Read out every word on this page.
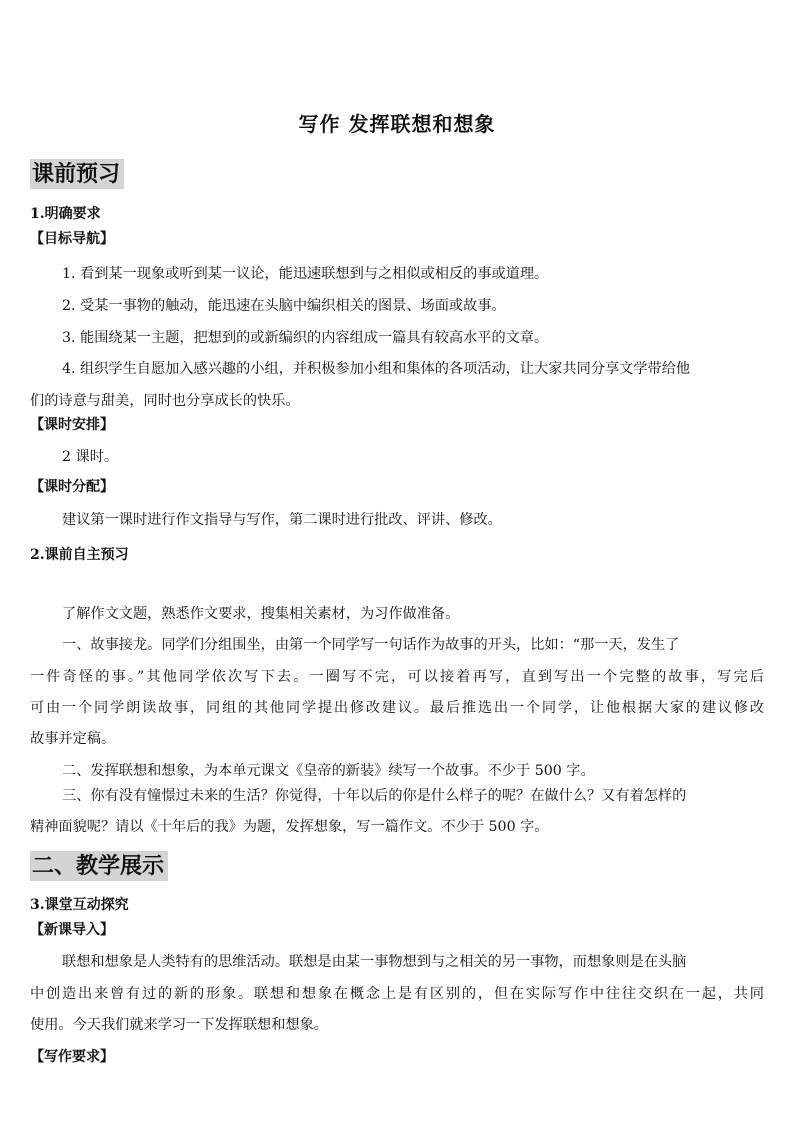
写作 发挥联想和想象
课前预习
1.明确要求
【目标导航】
1. 看到某一现象或听到某一议论，能迅速联想到与之相似或相反的事或道理。
2. 受某一事物的触动，能迅速在头脑中编织相关的图景、场面或故事。
3. 能围绕某一主题，把想到的或新编织的内容组成一篇具有较高水平的文章。
4. 组织学生自愿加入感兴趣的小组，并积极参加小组和集体的各项活动，让大家共同分享文学带给他
们的诗意与甜美，同时也分享成长的快乐。
【课时安排】
2 课时。
【课时分配】
建议第一课时进行作文指导与写作，第二课时进行批改、评讲、修改。
2.课前自主预习
了解作文文题，熟悉作文要求，搜集相关素材，为习作做准备。
一、故事接龙。同学们分组围坐，由第一个同学写一句话作为故事的开头，比如：“那一天，发生了
一件奇怪的事。”其他同学依次写下去。一圈写不完，可以接着再写，直到写出一个完整的故事，写完后
可由一个同学朗读故事，同组的其他同学提出修改建议。最后推选出一个同学，让他根据大家的建议修改
故事并定稿。
二、发挥联想和想象，为本单元课文《皇帝的新装》续写一个故事。不少于 500 字。
三、你有没有憧憬过未来的生活？你觉得，十年以后的你是什么样子的呢？在做什么？又有着怎样的
精神面貌呢？请以《十年后的我》为题，发挥想象，写一篇作文。不少于 500 字。
二、教学展示
3.课堂互动探究
【新课导入】
联想和想象是人类特有的思维活动。联想是由某一事物想到与之相关的另一事物，而想象则是在头脑
中创造出来曾有过的新的形象。联想和想象在概念上是有区别的，但在实际写作中往往交织在一起，共同
使用。今天我们就来学习一下发挥联想和想象。
【写作要求】
